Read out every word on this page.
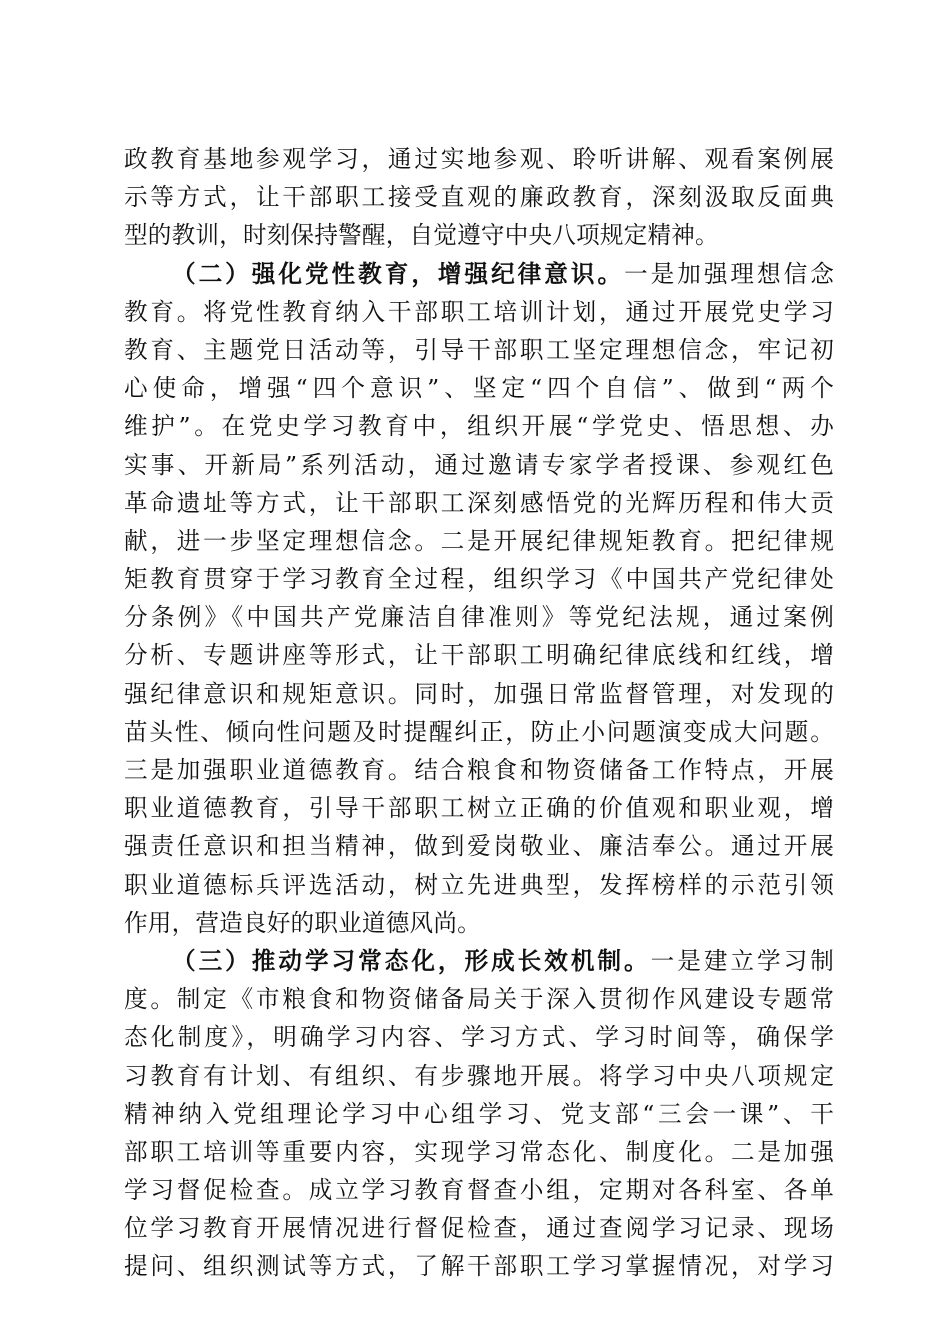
政教育基地参观学习，通过实地参观、聆听讲解、观看案例展
示等方式，让干部职工接受直观的廉政教育，深刻汲取反面典
型的教训，时刻保持警醒，自觉遵守中央八项规定精神。
（二）强化党性教育，增强纪律意识。一是加强理想信念
教育。将党性教育纳入干部职工培训计划，通过开展党史学习
教育、主题党日活动等，引导干部职工坚定理想信念，牢记初
心使命，增强“四个意识”、坚定“四个自信”、做到“两个
维护”。在党史学习教育中，组织开展“学党史、悟思想、办
实事、开新局”系列活动，通过邀请专家学者授课、参观红色
革命遗址等方式，让干部职工深刻感悟党的光辉历程和伟大贡
献，进一步坚定理想信念。二是开展纪律规矩教育。把纪律规
矩教育贯穿于学习教育全过程，组织学习《中国共产党纪律处
分条例》《中国共产党廉洁自律准则》等党纪法规，通过案例
分析、专题讲座等形式，让干部职工明确纪律底线和红线，增
强纪律意识和规矩意识。同时，加强日常监督管理，对发现的
苗头性、倾向性问题及时提醒纠正，防止小问题演变成大问题。
三是加强职业道德教育。结合粮食和物资储备工作特点，开展
职业道德教育，引导干部职工树立正确的价值观和职业观，增
强责任意识和担当精神，做到爱岗敬业、廉洁奉公。通过开展
职业道德标兵评选活动，树立先进典型，发挥榜样的示范引领
作用，营造良好的职业道德风尚。
（三）推动学习常态化，形成长效机制。一是建立学习制
度。制定《市粮食和物资储备局关于深入贯彻作风建设专题常
态化制度》，明确学习内容、学习方式、学习时间等，确保学
习教育有计划、有组织、有步骤地开展。将学习中央八项规定
精神纳入党组理论学习中心组学习、党支部“三会一课”、干
部职工培训等重要内容，实现学习常态化、制度化。二是加强
学习督促检查。成立学习教育督查小组，定期对各科室、各单
位学习教育开展情况进行督促检查，通过查阅学习记录、现场
提问、组织测试等方式，了解干部职工学习掌握情况，对学习
